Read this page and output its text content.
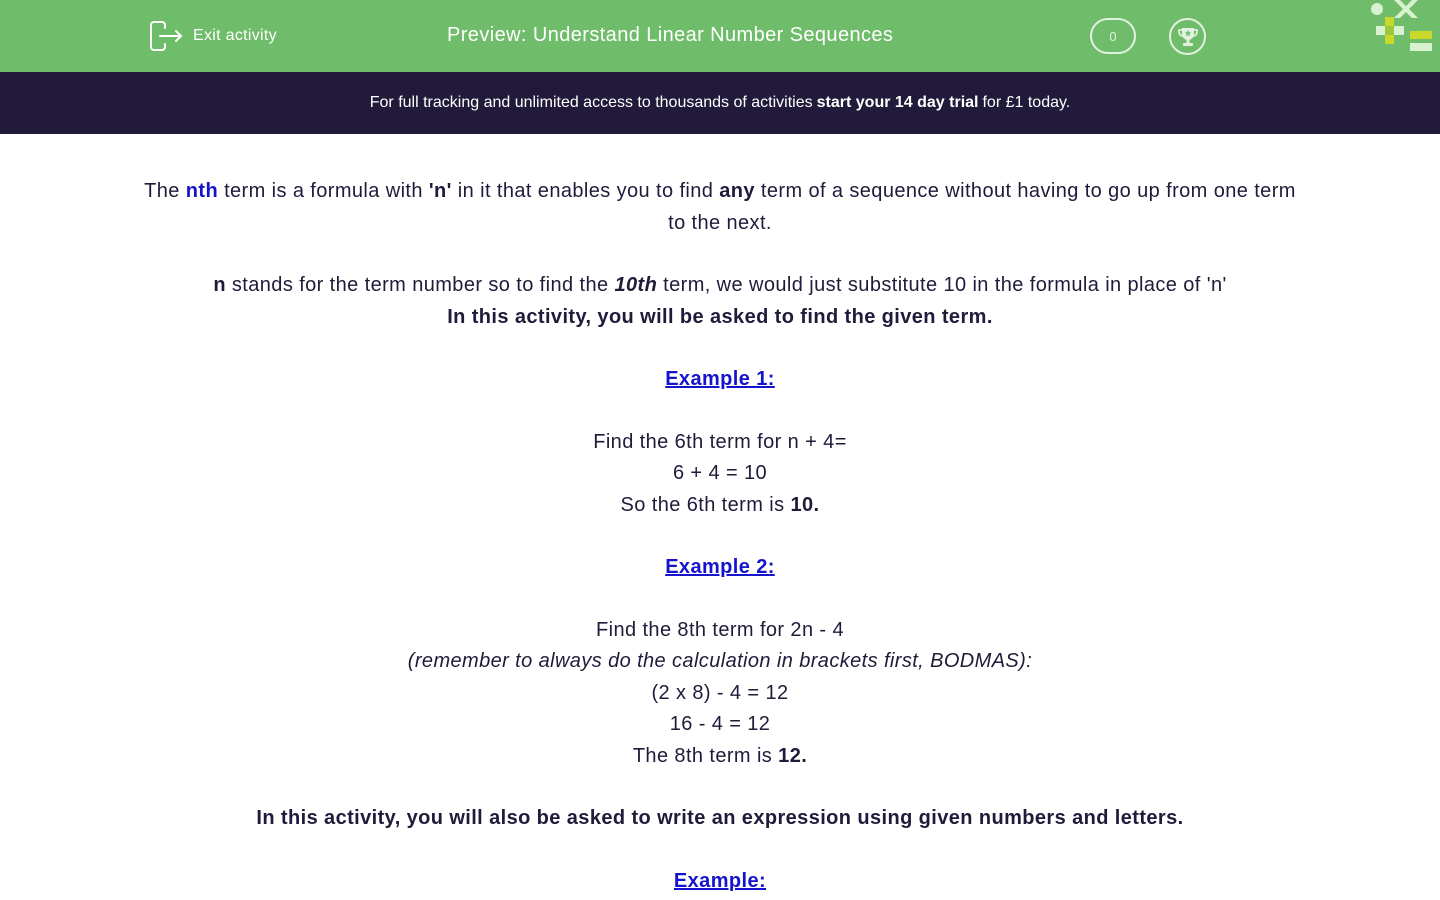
Exit activity	Preview: Understand Linear Number Sequences	0
For full tracking and unlimited access to thousands of activities start your 14 day trial for £1 today.

The nth term is a formula with 'n' in it that enables you to find any term of a sequence without having to go up from one term to the next.

n stands for the term number so to find the 10th term, we would just substitute 10 in the formula in place of 'n'

In this activity, you will be asked to find the given term.

Example 1:

Find the 6th term for n + 4=

6 + 4 = 10

So the 6th term is 10.

Example 2:

Find the 8th term for 2n - 4

(remember to always do the calculation in brackets first, BODMAS):

(2 x 8) - 4 = 12

16 - 4 = 12

The 8th term is 12.

In this activity, you will also be asked to write an expression using given numbers and letters.

Example:
